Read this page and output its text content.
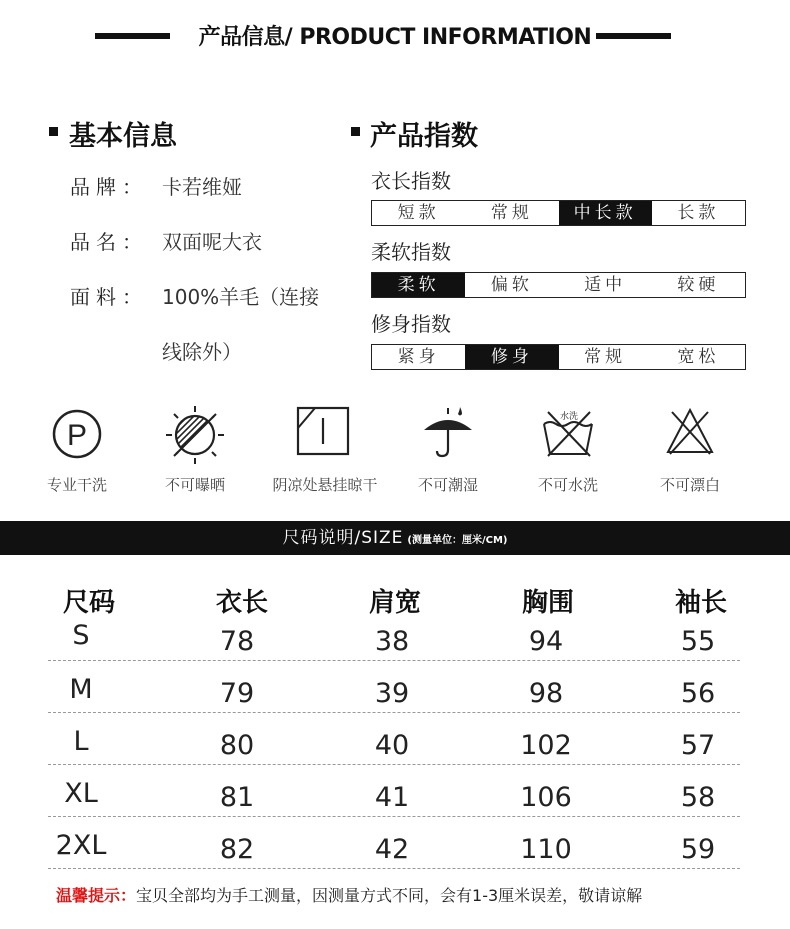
产品信息/ PRODUCT INFORMATION
基本信息
品牌： 卡若维娅
品名： 双面呢大衣
面料： 100%羊毛（连接
线除外）
产品指数
衣长指数
短款	常规	中长款	长款
柔软指数
柔软	偏软	适中	较硬
修身指数
紧身	修身	常规	宽松
P
专业干洗	不可曝晒	阴凉处悬挂晾干	不可潮湿
水洗
不可水洗	不可漂白
尺码说明/SIZE (测量单位：厘米/CM)
尺码	衣长	肩宽	胸围	袖长
S	78	38	94	55
M	79	39	98	56
L	80	40	102	57
XL	81	41	106	58
2XL	82	42	110	59
温馨提示：宝贝全部均为手工测量，因测量方式不同，会有1-3厘米误差，敬请谅解
